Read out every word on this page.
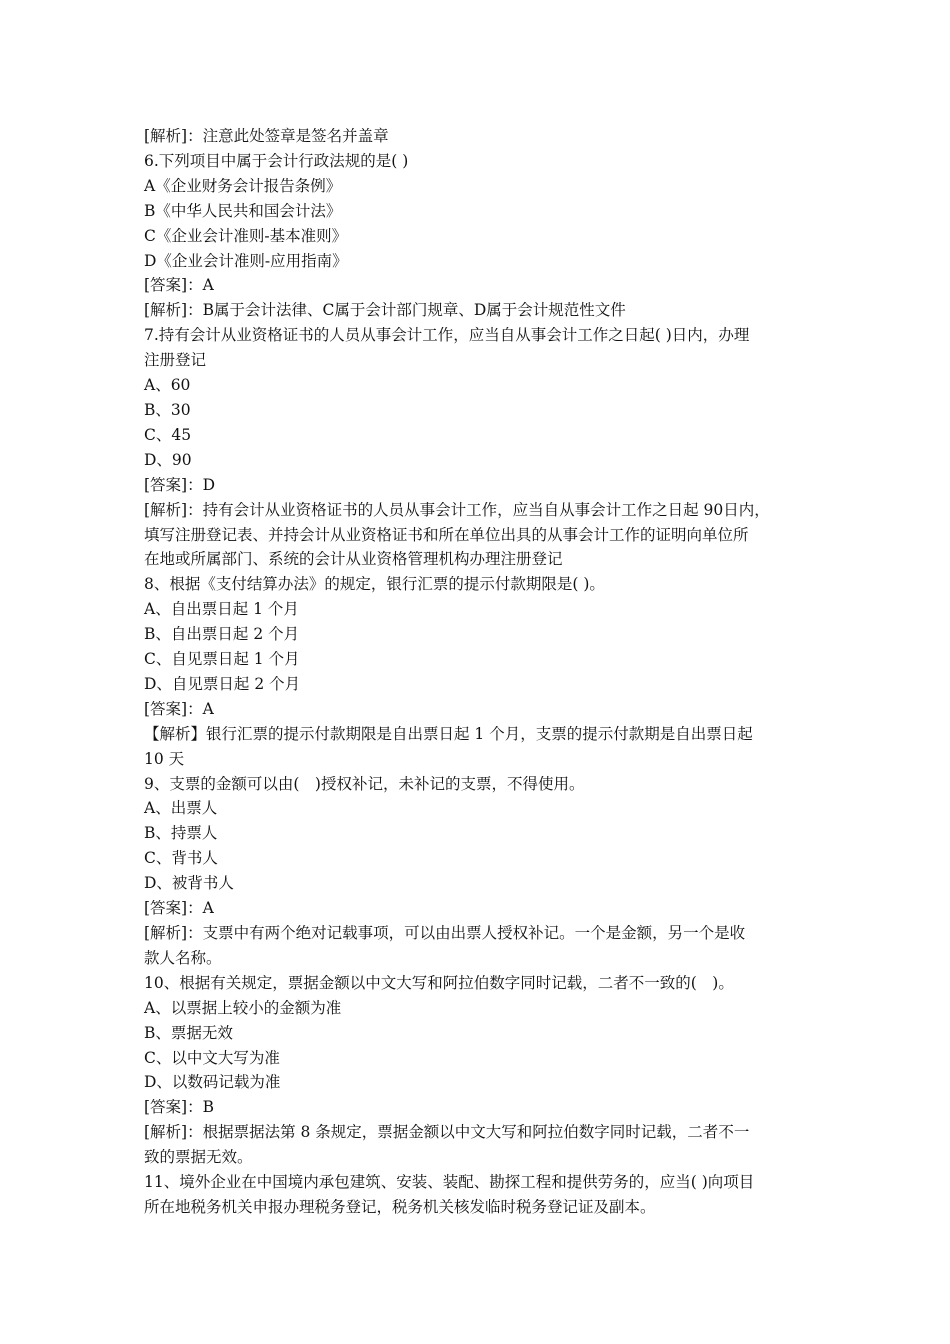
[解析]：注意此处签章是签名并盖章
6.下列项目中属于会计行政法规的是( )
A《企业财务会计报告条例》
B《中华人民共和国会计法》
C《企业会计准则-基本准则》
D《企业会计准则-应用指南》
[答案]：A
[解析]：B属于会计法律、C属于会计部门规章、D属于会计规范性文件
7.持有会计从业资格证书的人员从事会计工作，应当自从事会计工作之日起( )日内，办理
注册登记
A、60
B、30
C、45
D、90
[答案]：D
[解析]：持有会计从业资格证书的人员从事会计工作，应当自从事会计工作之日起 90日内，
填写注册登记表、并持会计从业资格证书和所在单位出具的从事会计工作的证明向单位所
在地或所属部门、系统的会计从业资格管理机构办理注册登记
8、根据《支付结算办法》的规定，银行汇票的提示付款期限是( )。
A、自出票日起 1 个月
B、自出票日起 2 个月
C、自见票日起 1 个月
D、自见票日起 2 个月
[答案]：A
【解析】银行汇票的提示付款期限是自出票日起 1 个月，支票的提示付款期是自出票日起
10 天
9、支票的金额可以由(　)授权补记，未补记的支票，不得使用。
A、出票人
B、持票人
C、背书人
D、被背书人
[答案]：A
[解析]：支票中有两个绝对记载事项，可以由出票人授权补记。一个是金额，另一个是收
款人名称。
10、根据有关规定，票据金额以中文大写和阿拉伯数字同时记载，二者不一致的(　)。
A、以票据上较小的金额为准
B、票据无效
C、以中文大写为准
D、以数码记载为准
[答案]：B
[解析]：根据票据法第 8 条规定，票据金额以中文大写和阿拉伯数字同时记载，二者不一
致的票据无效。
11、境外企业在中国境内承包建筑、安装、装配、勘探工程和提供劳务的，应当( )向项目
所在地税务机关申报办理税务登记，税务机关核发临时税务登记证及副本。
